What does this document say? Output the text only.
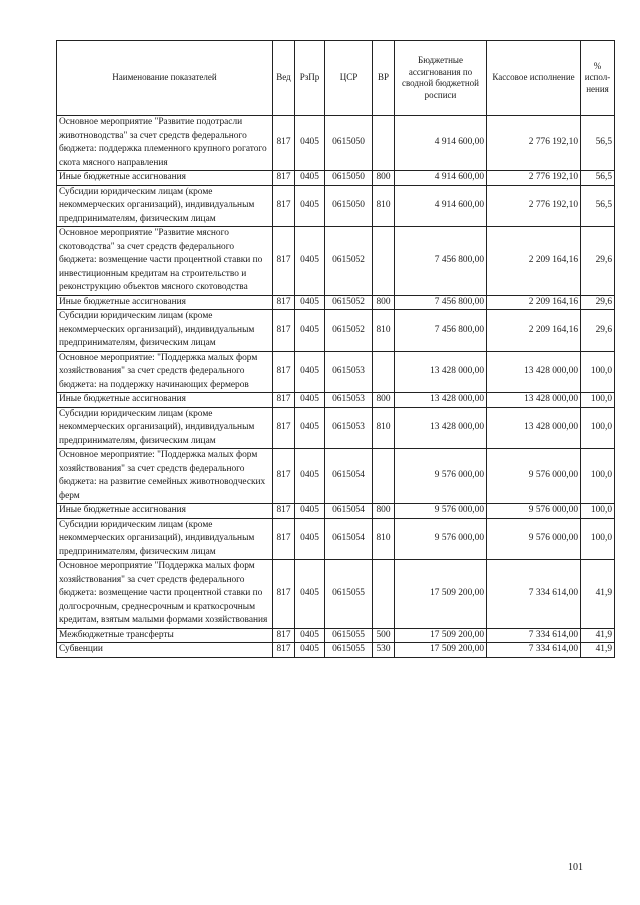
Наименование показателей	Вед	РзПр	ЦСР	ВР	Бюджетные ассигнования по сводной бюджетной росписи	Кассовое исполнение	% испол-нения
Основное мероприятие "Развитие подотрасли животноводства" за счет средств федерального бюджета: поддержка племенного крупного рогатого скота мясного направления	817	0405	0615050		4 914 600,00	2 776 192,10	56,5
Иные бюджетные ассигнования	817	0405	0615050	800	4 914 600,00	2 776 192,10	56,5
Субсидии юридическим лицам (кроме некоммерческих организаций), индивидуальным предпринимателям, физическим лицам	817	0405	0615050	810	4 914 600,00	2 776 192,10	56,5
Основное мероприятие "Развитие мясного скотоводства" за счет средств федерального бюджета: возмещение части процентной ставки по инвестиционным кредитам на строительство и реконструкцию объектов мясного скотоводства	817	0405	0615052		7 456 800,00	2 209 164,16	29,6
Иные бюджетные ассигнования	817	0405	0615052	800	7 456 800,00	2 209 164,16	29,6
Субсидии юридическим лицам (кроме некоммерческих организаций), индивидуальным предпринимателям, физическим лицам	817	0405	0615052	810	7 456 800,00	2 209 164,16	29,6
Основное мероприятие: "Поддержка малых форм хозяйствования" за счет средств федерального бюджета: на поддержку начинающих фермеров	817	0405	0615053		13 428 000,00	13 428 000,00	100,0
Иные бюджетные ассигнования	817	0405	0615053	800	13 428 000,00	13 428 000,00	100,0
Субсидии юридическим лицам (кроме некоммерческих организаций), индивидуальным предпринимателям, физическим лицам	817	0405	0615053	810	13 428 000,00	13 428 000,00	100,0
Основное мероприятие: "Поддержка малых форм хозяйствования" за счет средств федерального бюджета: на развитие семейных животноводческих ферм	817	0405	0615054		9 576 000,00	9 576 000,00	100,0
Иные бюджетные ассигнования	817	0405	0615054	800	9 576 000,00	9 576 000,00	100,0
Субсидии юридическим лицам (кроме некоммерческих организаций), индивидуальным предпринимателям, физическим лицам	817	0405	0615054	810	9 576 000,00	9 576 000,00	100,0
Основное мероприятие "Поддержка малых форм хозяйствования" за счет средств федерального бюджета: возмещение части процентной ставки по долгосрочным, среднесрочным и краткосрочным кредитам, взятым малыми формами хозяйствования	817	0405	0615055		17 509 200,00	7 334 614,00	41,9
Межбюджетные трансферты	817	0405	0615055	500	17 509 200,00	7 334 614,00	41,9
Субвенции	817	0405	0615055	530	17 509 200,00	7 334 614,00	41,9
101
